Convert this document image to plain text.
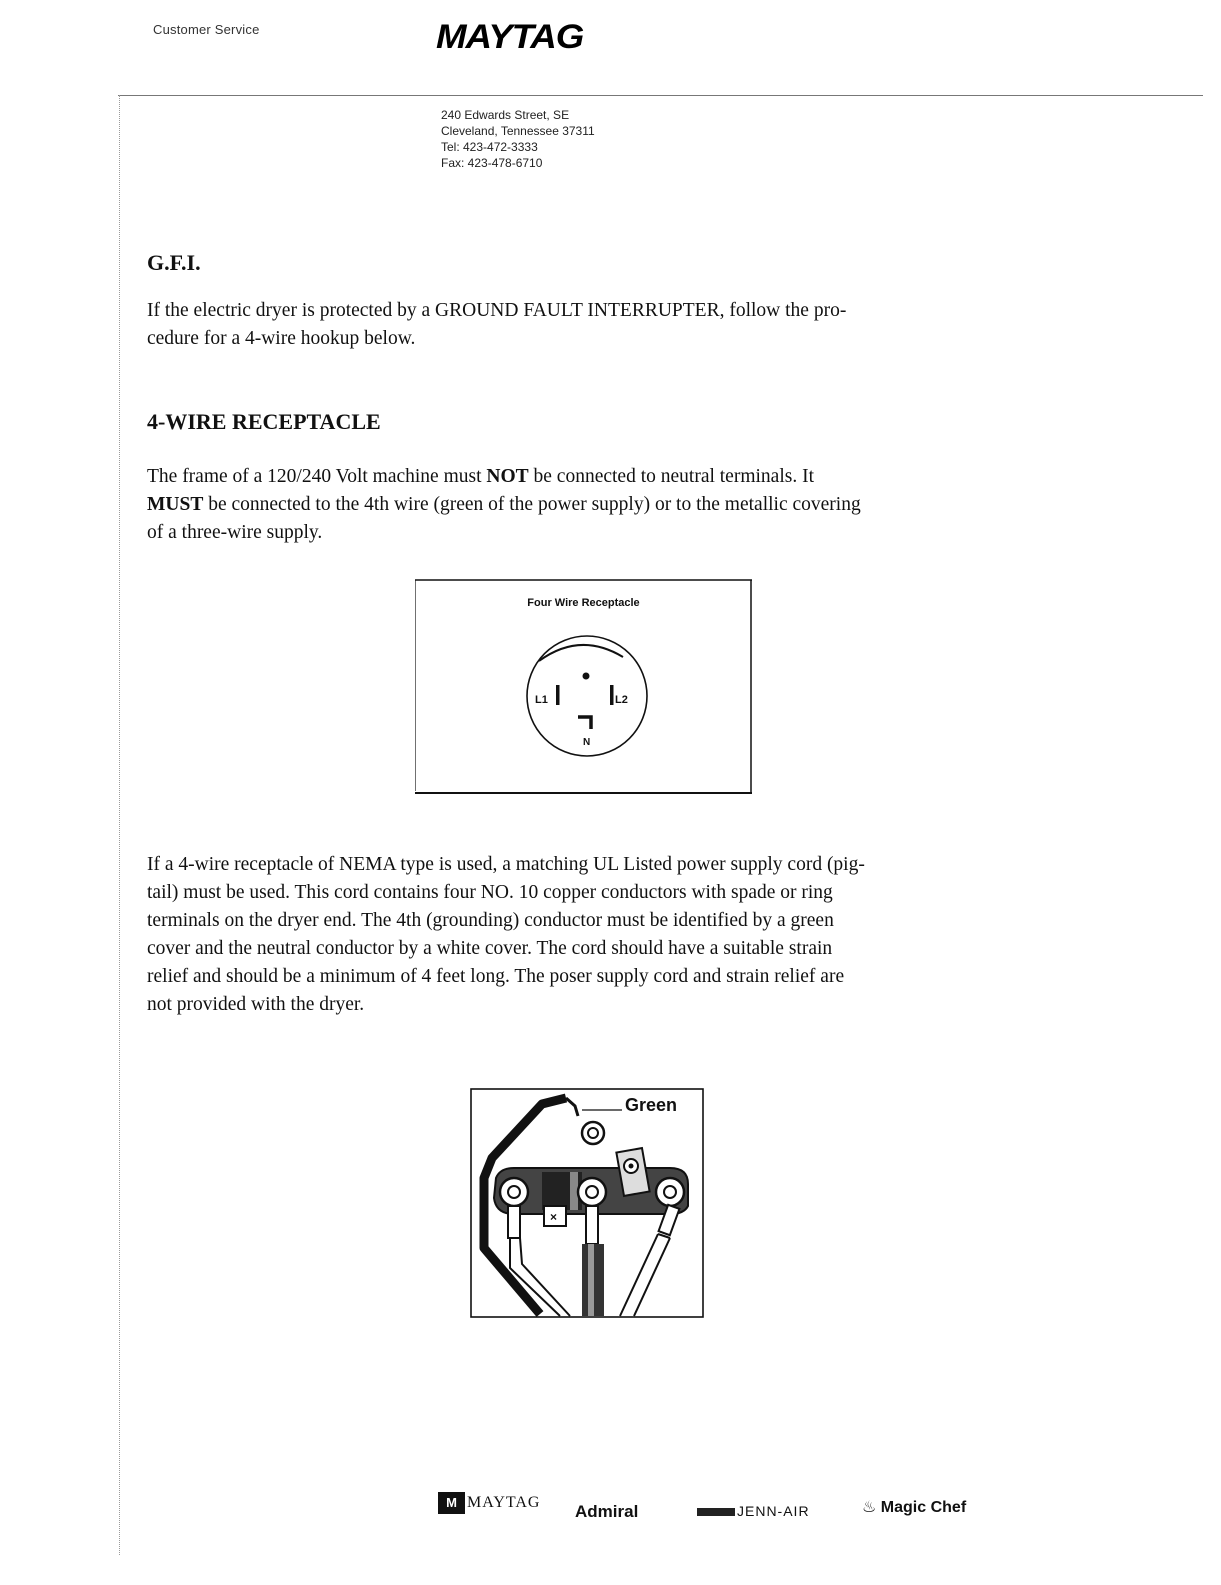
Customer Service	MAYTAG
240 Edwards Street, SE
Cleveland, Tennessee 37311
Tel: 423-472-3333
Fax: 423-478-6710
G.F.I.
If the electric dryer is protected by a GROUND FAULT INTERRUPTER, follow the pro-
cedure for a 4-wire hookup below.
4-WIRE RECEPTACLE
The frame of a 120/240 Volt machine must NOT be connected to neutral terminals. It
MUST be connected to the 4th wire (green of the power supply) or to the metallic covering
of a three-wire supply.
L1	L2
N
Four Wire Receptacle
If a 4-wire receptacle of NEMA type is used, a matching UL Listed power supply cord (pig-
tail) must be used. This cord contains four NO. 10 copper conductors with spade or ring
terminals on the dryer end. The 4th (grounding) conductor must be identified by a green
cover and the neutral conductor by a white cover. The cord should have a suitable strain
relief and should be a minimum of 4 feet long. The poser supply cord and strain relief are
not provided with the dryer.
×
Green
M MAYTAG Admiral	JENN-AIR	♨ Magic Chef
